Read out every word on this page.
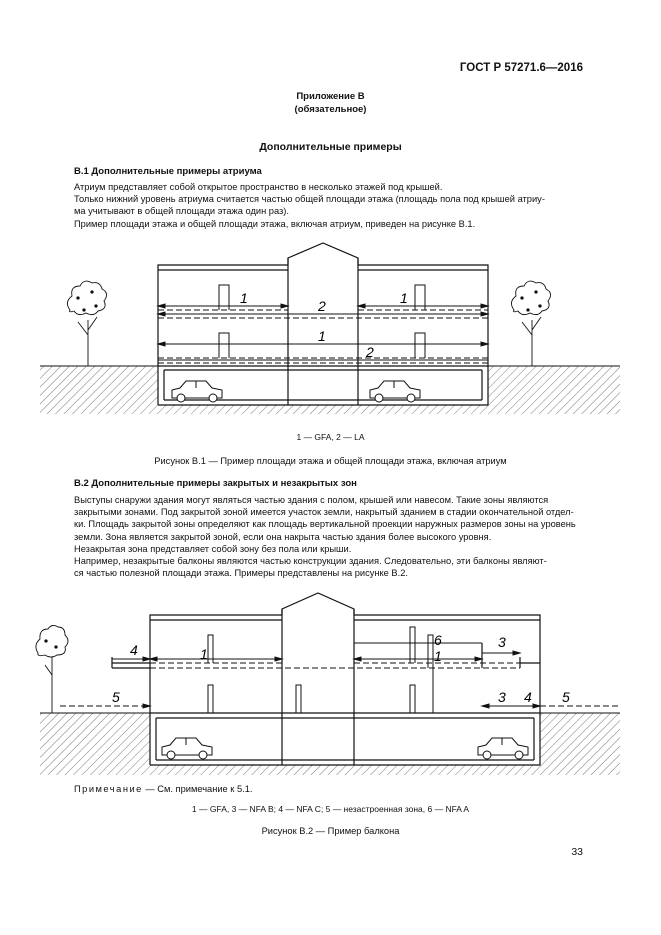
ГОСТ Р 57271.6—2016
Приложение В
(обязательное)
Дополнительные примеры
В.1 Дополнительные примеры атриума

Атриум представляет собой открытое пространство в несколько этажей под крышей.

Только нижний уровень атриума считается частью общей площади этажа (площадь пола под крышей атриу-

ма учитывают в общей площади этажа один раз).

Пример площади этажа и общей площади этажа, включая атриум, приведен на рисунке В.1.

1	2	1
1
2
1 — GFA, 2 — LA
Рисунок В.1 — Пример площади этажа и общей площади этажа, включая атриум
В.2 Дополнительные примеры закрытых и незакрытых зон

Выступы снаружи здания могут являться частью здания с полом, крышей или навесом. Такие зоны являются

закрытыми зонами. Под закрытой зоной имеется участок земли, накрытый зданием в стадии окончательной отдел-

ки. Площадь закрытой зоны определяют как площадь вертикальной проекции наружных размеров зоны на уровень

земли. Зона является закрытой зоной, если она накрыта частью здания более высокого уровня.

Незакрытая зона представляет собой зону без пола или крыши.

Например, незакрытые балконы являются частью конструкции здания. Следовательно, эти балконы являют-

ся частью полезной площади этажа. Примеры представлены на рисунке В.2.

4	1
5
6	3
1
3 4 5
Примечание — См. примечание к 5.1.
1 — GFA, 3 — NFA B; 4 — NFA C; 5 — незастроенная зона, 6 — NFA A
Рисунок В.2 — Пример балкона
33
